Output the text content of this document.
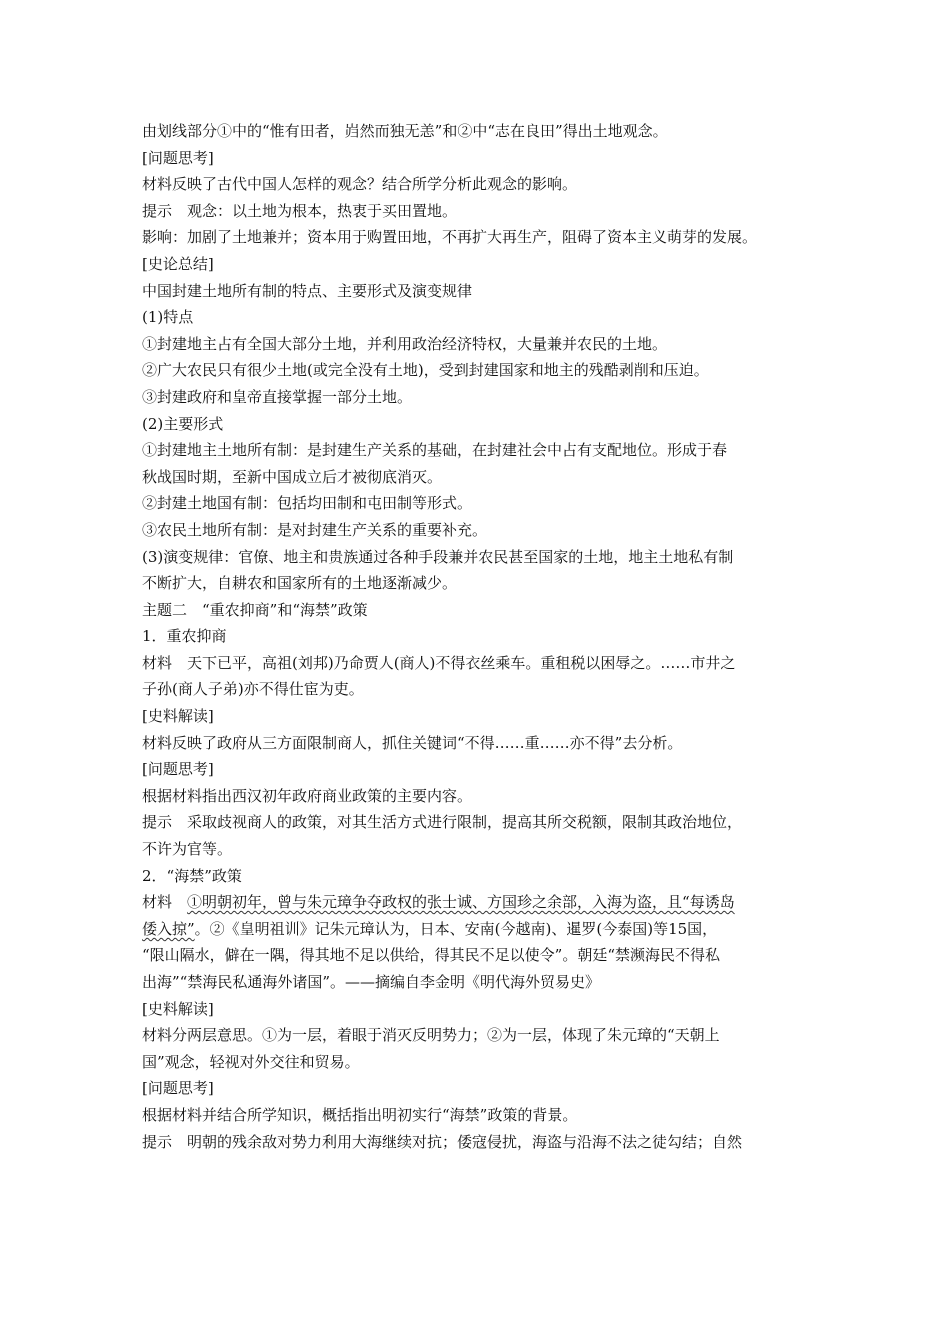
由划线部分①中的“惟有田者，岿然而独无恙”和②中“志在良田”得出土地观念。
[问题思考]
材料反映了古代中国人怎样的观念？结合所学分析此观念的影响。
提示　观念：以土地为根本，热衷于买田置地。
影响：加剧了土地兼并；资本用于购置田地，不再扩大再生产，阻碍了资本主义萌芽的发展。
[史论总结]
中国封建土地所有制的特点、主要形式及演变规律
(1)特点
①封建地主占有全国大部分土地，并利用政治经济特权，大量兼并农民的土地。
②广大农民只有很少土地(或完全没有土地)，受到封建国家和地主的残酷剥削和压迫。
③封建政府和皇帝直接掌握一部分土地。
(2)主要形式
①封建地主土地所有制：是封建生产关系的基础，在封建社会中占有支配地位。形成于春
秋战国时期，至新中国成立后才被彻底消灭。
②封建土地国有制：包括均田制和屯田制等形式。
③农民土地所有制：是对封建生产关系的重要补充。
(3)演变规律：官僚、地主和贵族通过各种手段兼并农民甚至国家的土地，地主土地私有制
不断扩大，自耕农和国家所有的土地逐渐减少。
主题二　“重农抑商”和“海禁”政策
1．重农抑商
材料　天下已平，高祖(刘邦)乃命贾人(商人)不得衣丝乘车。重租税以困辱之。……市井之
子孙(商人子弟)亦不得仕宦为吏。
[史料解读]
材料反映了政府从三方面限制商人，抓住关键词“不得……重……亦不得”去分析。
[问题思考]
根据材料指出西汉初年政府商业政策的主要内容。
提示　采取歧视商人的政策，对其生活方式进行限制，提高其所交税额，限制其政治地位，
不许为官等。
2．“海禁”政策
材料　①明朝初年，曾与朱元璋争夺政权的张士诚、方国珍之余部，入海为盗，且“每诱岛
倭入掠”。②《皇明祖训》记朱元璋认为，日本、安南(今越南)、暹罗(今泰国)等15国，
“限山隔水，僻在一隅，得其地不足以供给，得其民不足以使令”。朝廷“禁濒海民不得私
出海”“禁海民私通海外诸国”。——摘编自李金明《明代海外贸易史》
[史料解读]
材料分两层意思。①为一层，着眼于消灭反明势力；②为一层，体现了朱元璋的“天朝上
国”观念，轻视对外交往和贸易。
[问题思考]
根据材料并结合所学知识，概括指出明初实行“海禁”政策的背景。
提示　明朝的残余敌对势力利用大海继续对抗；倭寇侵扰，海盗与沿海不法之徒勾结；自然
